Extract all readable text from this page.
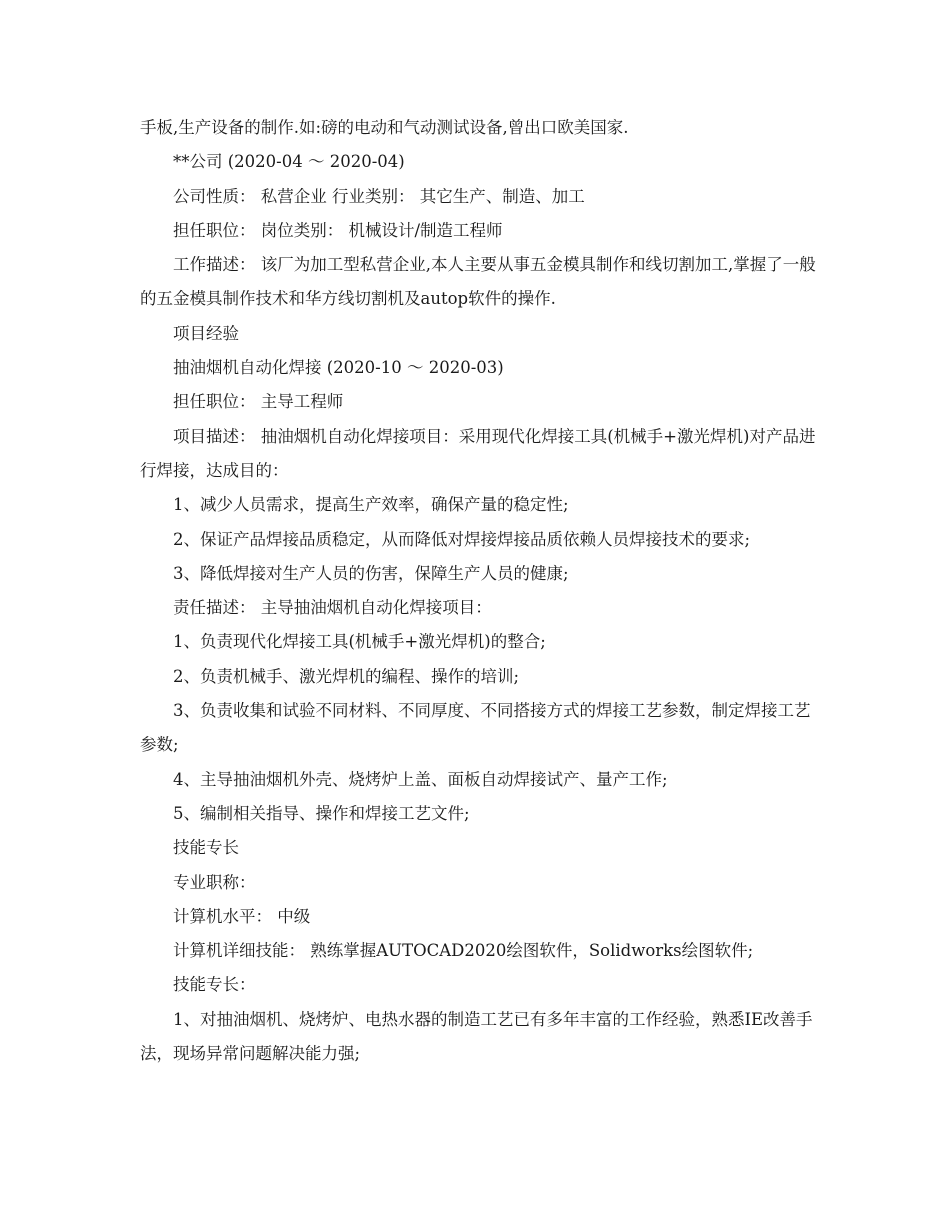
手板,生产设备的制作.如:磅的电动和气动测试设备,曾出口欧美国家.

**公司 (2020-04 ～ 2020-04)

公司性质： 私营企业 行业类别： 其它生产、制造、加工

担任职位： 岗位类别： 机械设计/制造工程师

工作描述： 该厂为加工型私营企业,本人主要从事五金模具制作和线切割加工,掌握了一般的五金模具制作技术和华方线切割机及autop软件的操作.

项目经验

抽油烟机自动化焊接 (2020-10 ～ 2020-03)

担任职位： 主导工程师

项目描述： 抽油烟机自动化焊接项目：采用现代化焊接工具(机械手+激光焊机)对产品进行焊接，达成目的：

1、减少人员需求，提高生产效率，确保产量的稳定性;

2、保证产品焊接品质稳定，从而降低对焊接焊接品质依赖人员焊接技术的要求;

3、降低焊接对生产人员的伤害，保障生产人员的健康;

责任描述： 主导抽油烟机自动化焊接项目：

1、负责现代化焊接工具(机械手+激光焊机)的整合;

2、负责机械手、激光焊机的编程、操作的培训;

3、负责收集和试验不同材料、不同厚度、不同搭接方式的焊接工艺参数，制定焊接工艺参数;

4、主导抽油烟机外壳、烧烤炉上盖、面板自动焊接试产、量产工作;

5、编制相关指导、操作和焊接工艺文件;

技能专长

专业职称：

计算机水平： 中级

计算机详细技能： 熟练掌握AUTOCAD2020绘图软件，Solidworks绘图软件;

技能专长：

1、对抽油烟机、烧烤炉、电热水器的制造工艺已有多年丰富的工作经验，熟悉IE改善手法，现场异常问题解决能力强;
